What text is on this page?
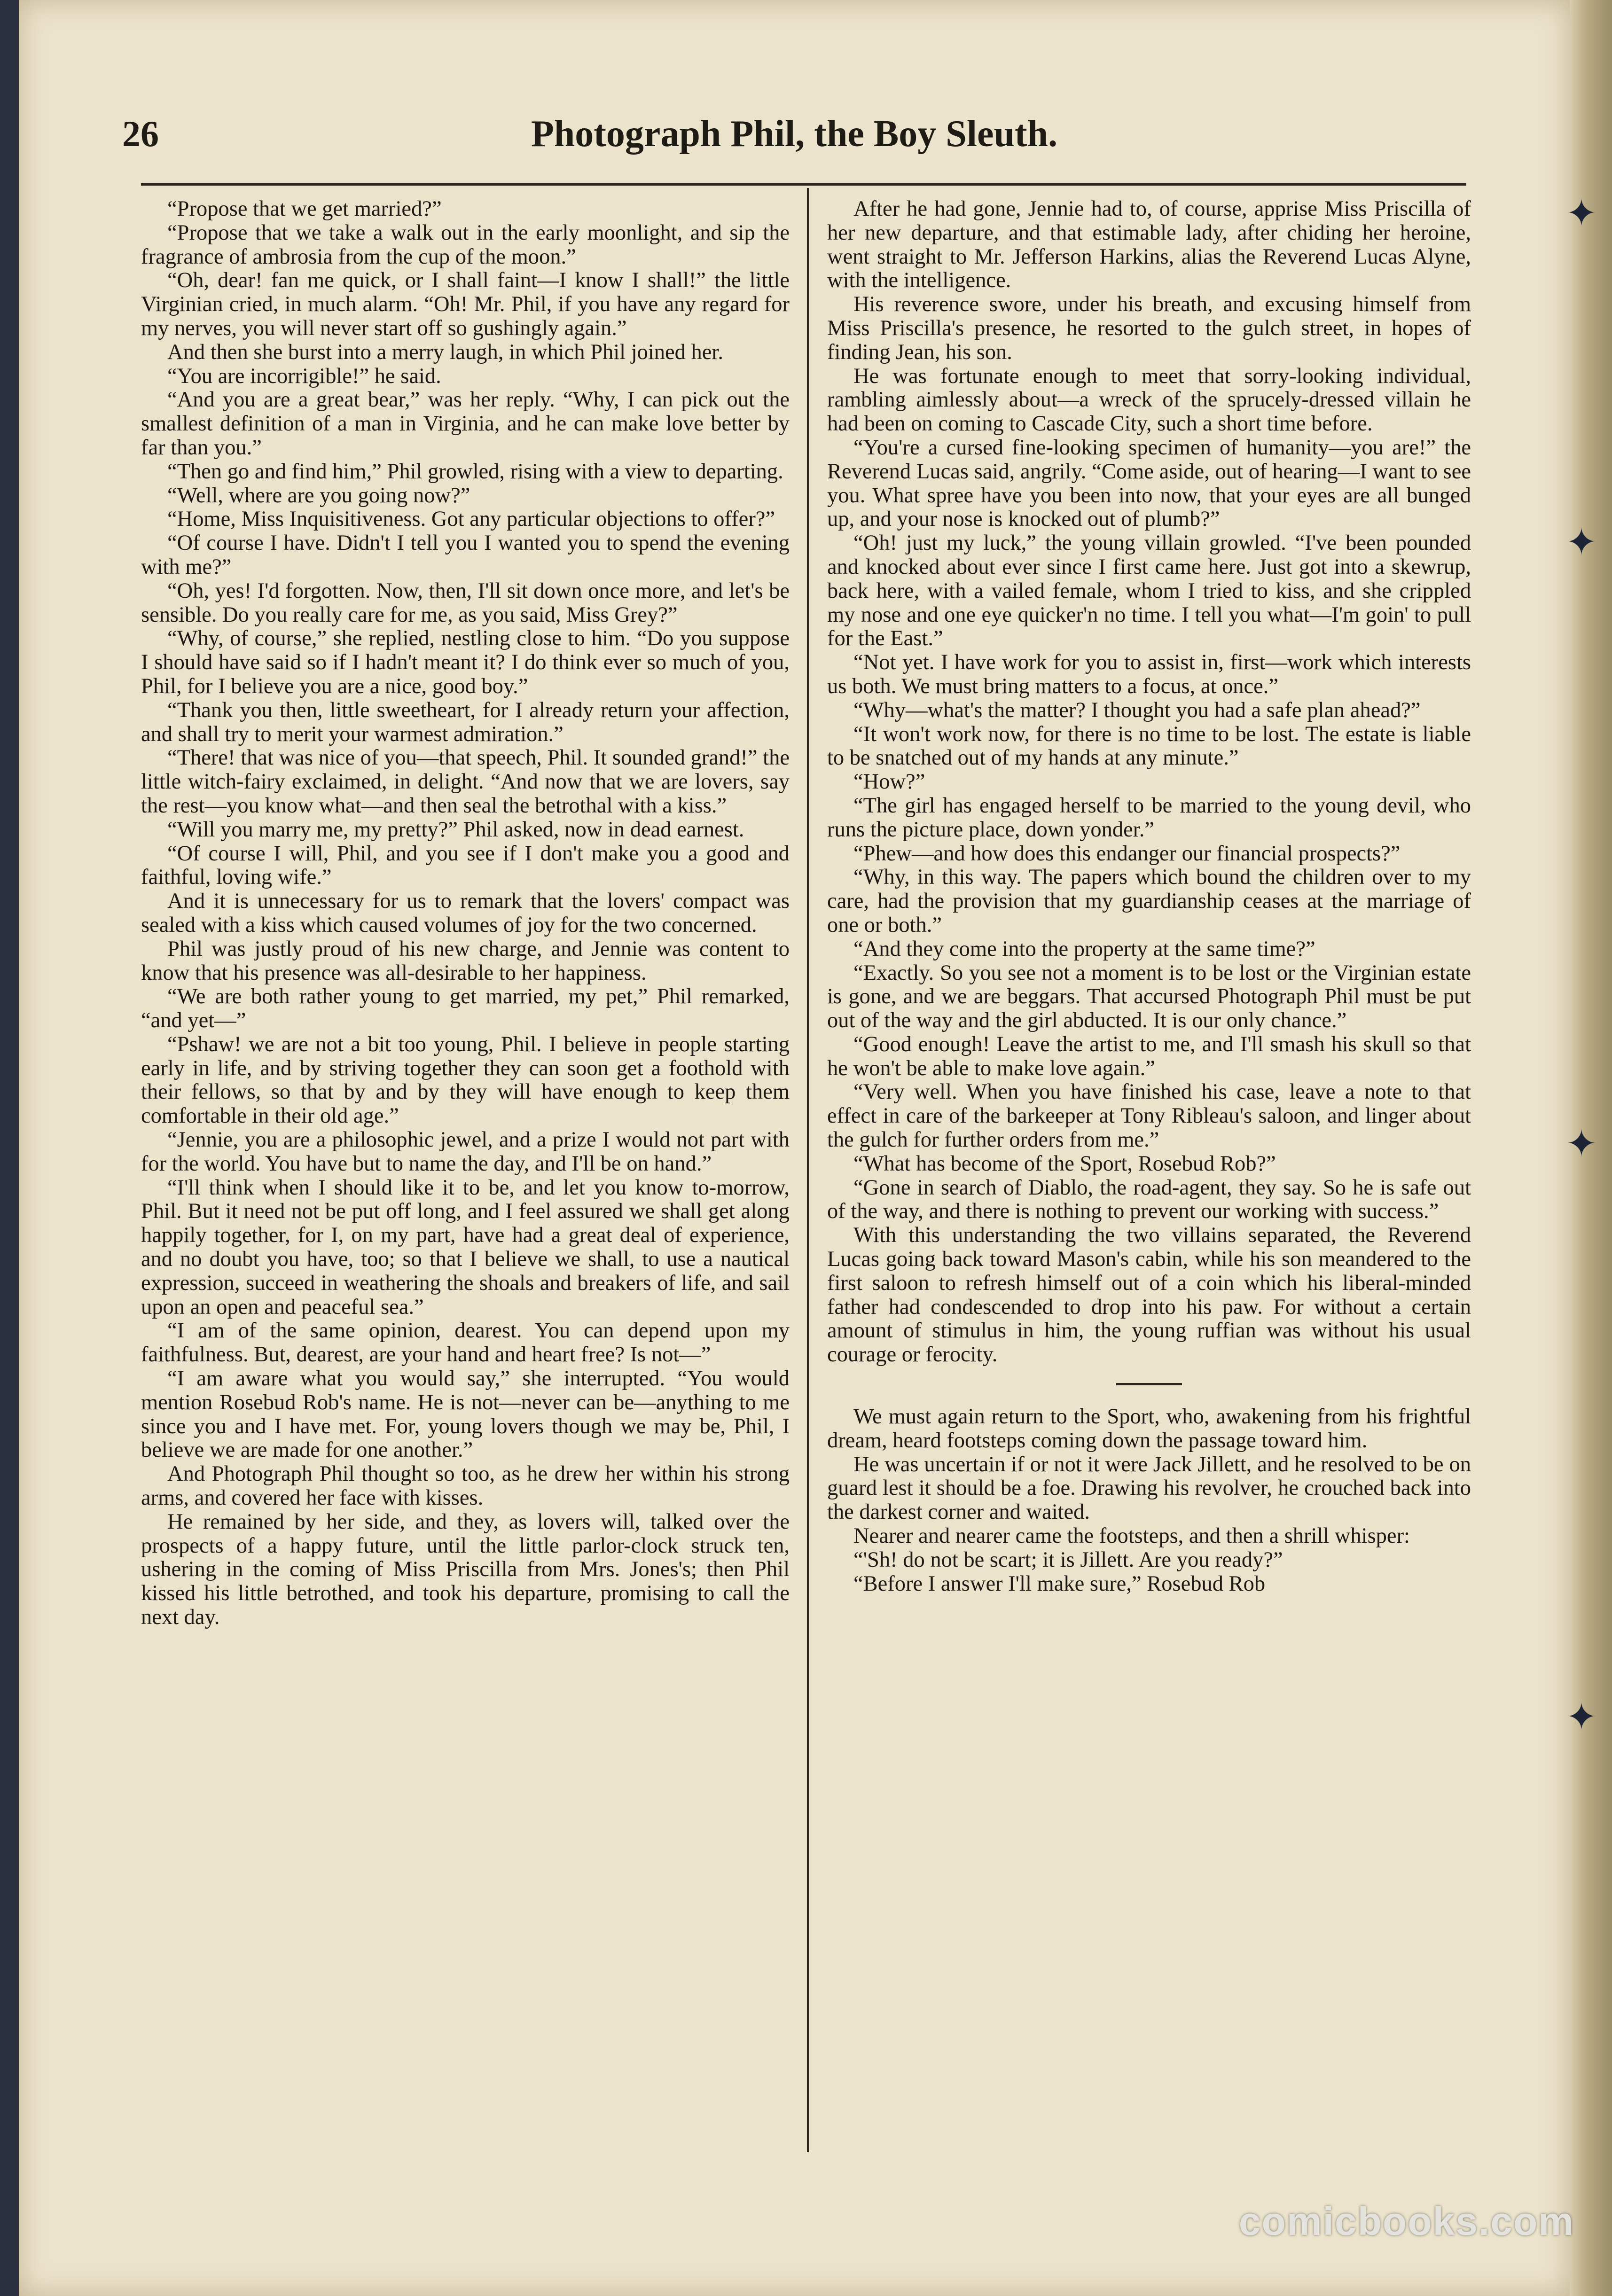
✦
✦
✦
✦
26	Photograph Phil, the Boy Sleuth.

“Propose that we get married?”

“Propose that we take a walk out in the early moonlight, and sip the fragrance of ambrosia from the cup of the moon.”

“Oh, dear! fan me quick, or I shall faint—I know I shall!” the little Virginian cried, in much alarm. “Oh! Mr. Phil, if you have any regard for my nerves, you will never start off so gushingly again.”

And then she burst into a merry laugh, in which Phil joined her.

“You are incorrigible!” he said.

“And you are a great bear,” was her reply. “Why, I can pick out the smallest definition of a man in Virginia, and he can make love better by far than you.”

“Then go and find him,” Phil growled, rising with a view to departing.

“Well, where are you going now?”

“Home, Miss Inquisitiveness. Got any particular objections to offer?”

“Of course I have. Didn't I tell you I wanted you to spend the evening with me?”

“Oh, yes! I'd forgotten. Now, then, I'll sit down once more, and let's be sensible. Do you really care for me, as you said, Miss Grey?”

“Why, of course,” she replied, nestling close to him. “Do you suppose I should have said so if I hadn't meant it? I do think ever so much of you, Phil, for I believe you are a nice, good boy.”

“Thank you then, little sweetheart, for I already return your affection, and shall try to merit your warmest admiration.”

“There! that was nice of you—that speech, Phil. It sounded grand!” the little witch-fairy exclaimed, in delight. “And now that we are lovers, say the rest—you know what—and then seal the betrothal with a kiss.”

“Will you marry me, my pretty?” Phil asked, now in dead earnest.

“Of course I will, Phil, and you see if I don't make you a good and faithful, loving wife.”

And it is unnecessary for us to remark that the lovers' compact was sealed with a kiss which caused volumes of joy for the two concerned.

Phil was justly proud of his new charge, and Jennie was content to know that his presence was all-desirable to her happiness.

“We are both rather young to get married, my pet,” Phil remarked, “and yet—”

“Pshaw! we are not a bit too young, Phil. I believe in people starting early in life, and by striving together they can soon get a foothold with their fellows, so that by and by they will have enough to keep them comfortable in their old age.”

“Jennie, you are a philosophic jewel, and a prize I would not part with for the world. You have but to name the day, and I'll be on hand.”

“I'll think when I should like it to be, and let you know to-morrow, Phil. But it need not be put off long, and I feel assured we shall get along happily together, for I, on my part, have had a great deal of experience, and no doubt you have, too; so that I believe we shall, to use a nautical expression, succeed in weathering the shoals and breakers of life, and sail upon an open and peaceful sea.”

“I am of the same opinion, dearest. You can depend upon my faithfulness. But, dearest, are your hand and heart free? Is not—”

“I am aware what you would say,” she interrupted. “You would mention Rosebud Rob's name. He is not—never can be—anything to me since you and I have met. For, young lovers though we may be, Phil, I believe we are made for one another.”

And Photograph Phil thought so too, as he drew her within his strong arms, and covered her face with kisses.

He remained by her side, and they, as lovers will, talked over the prospects of a happy future, until the little parlor-clock struck ten, ushering in the coming of Miss Priscilla from Mrs. Jones's; then Phil kissed his little betrothed, and took his departure, promising to call the next day.

After he had gone, Jennie had to, of course, apprise Miss Priscilla of her new departure, and that estimable lady, after chiding her heroine, went straight to Mr. Jefferson Harkins, alias the Reverend Lucas Alyne, with the intelligence.

His reverence swore, under his breath, and excusing himself from Miss Priscilla's presence, he resorted to the gulch street, in hopes of finding Jean, his son.

He was fortunate enough to meet that sorry-looking individual, rambling aimlessly about—a wreck of the sprucely-dressed villain he had been on coming to Cascade City, such a short time before.

“You're a cursed fine-looking specimen of humanity—you are!” the Reverend Lucas said, angrily. “Come aside, out of hearing—I want to see you. What spree have you been into now, that your eyes are all bunged up, and your nose is knocked out of plumb?”

“Oh! just my luck,” the young villain growled. “I've been pounded and knocked about ever since I first came here. Just got into a skewrup, back here, with a vailed female, whom I tried to kiss, and she crippled my nose and one eye quicker'n no time. I tell you what—I'm goin' to pull for the East.”

“Not yet. I have work for you to assist in, first—work which interests us both. We must bring matters to a focus, at once.”

“Why—what's the matter? I thought you had a safe plan ahead?”

“It won't work now, for there is no time to be lost. The estate is liable to be snatched out of my hands at any minute.”

“How?”

“The girl has engaged herself to be married to the young devil, who runs the picture place, down yonder.”

“Phew—and how does this endanger our financial prospects?”

“Why, in this way. The papers which bound the children over to my care, had the provision that my guardianship ceases at the marriage of one or both.”

“And they come into the property at the same time?”

“Exactly. So you see not a moment is to be lost or the Virginian estate is gone, and we are beggars. That accursed Photograph Phil must be put out of the way and the girl abducted. It is our only chance.”

“Good enough! Leave the artist to me, and I'll smash his skull so that he won't be able to make love again.”

“Very well. When you have finished his case, leave a note to that effect in care of the barkeeper at Tony Ribleau's saloon, and linger about the gulch for further orders from me.”

“What has become of the Sport, Rosebud Rob?”

“Gone in search of Diablo, the road-agent, they say. So he is safe out of the way, and there is nothing to prevent our working with success.”

With this understanding the two villains separated, the Reverend Lucas going back toward Mason's cabin, while his son meandered to the first saloon to refresh himself out of a coin which his liberal-minded father had condescended to drop into his paw. For without a certain amount of stimulus in him, the young ruffian was without his usual courage or ferocity.

We must again return to the Sport, who, awakening from his frightful dream, heard footsteps coming down the passage toward him.

He was uncertain if or not it were Jack Jillett, and he resolved to be on guard lest it should be a foe. Drawing his revolver, he crouched back into the darkest corner and waited.

Nearer and nearer came the footsteps, and then a shrill whisper:

“'Sh! do not be scart; it is Jillett. Are you ready?”

“Before I answer I'll make sure,” Rosebud Rob

comicbooks.com
